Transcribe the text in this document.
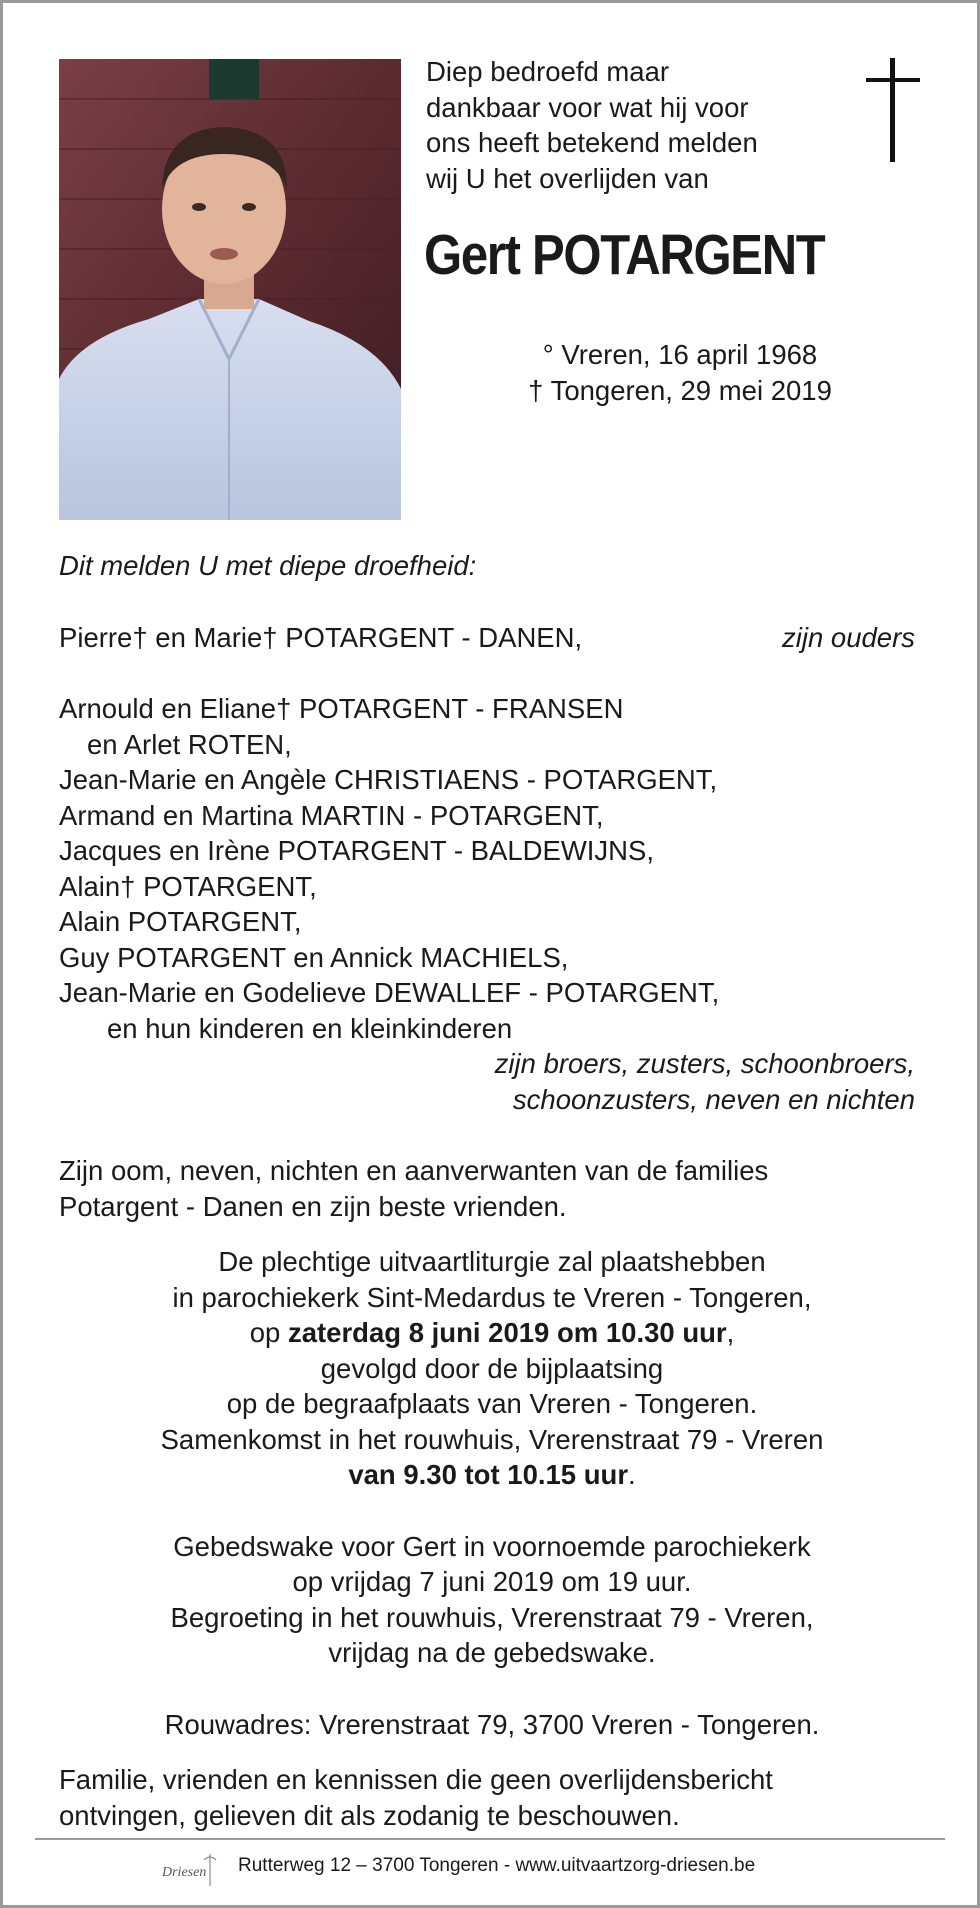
Diep bedroefd maar
dankbaar voor wat hij voor
ons heeft betekend melden
wij U het overlijden van
Gert POTARGENT
° Vreren, 16 april 1968
† Tongeren, 29 mei 2019
Dit melden U met diepe droefheid:
Pierre† en Marie† POTARGENT - DANEN,	zijn ouders
Arnould en Eliane† POTARGENT - FRANSEN
en Arlet ROTEN,
Jean-Marie en Angèle CHRISTIAENS - POTARGENT,
Armand en Martina MARTIN - POTARGENT,
Jacques en Irène POTARGENT - BALDEWIJNS,
Alain† POTARGENT,
Alain POTARGENT,
Guy POTARGENT en Annick MACHIELS,
Jean-Marie en Godelieve DEWALLEF - POTARGENT,
en hun kinderen en kleinkinderen
zijn broers, zusters, schoonbroers,
schoonzusters, neven en nichten
Zijn oom, neven, nichten en aanverwanten van de families
Potargent - Danen en zijn beste vrienden.
De plechtige uitvaartliturgie zal plaatshebben
in parochiekerk Sint-Medardus te Vreren - Tongeren,
op zaterdag 8 juni 2019 om 10.30 uur,
gevolgd door de bijplaatsing
op de begraafplaats van Vreren - Tongeren.
Samenkomst in het rouwhuis, Vrerenstraat 79 - Vreren
van 9.30 tot 10.15 uur.
Gebedswake voor Gert in voornoemde parochiekerk
op vrijdag 7 juni 2019 om 19 uur.
Begroeting in het rouwhuis, Vrerenstraat 79 - Vreren,
vrijdag na de gebedswake.
Rouwadres: Vrerenstraat 79, 3700 Vreren - Tongeren.
Familie, vrienden en kennissen die geen overlijdensbericht
ontvingen, gelieven dit als zodanig te beschouwen.
Driesen Rutterweg 12 – 3700 Tongeren - www.uitvaartzorg-driesen.be
